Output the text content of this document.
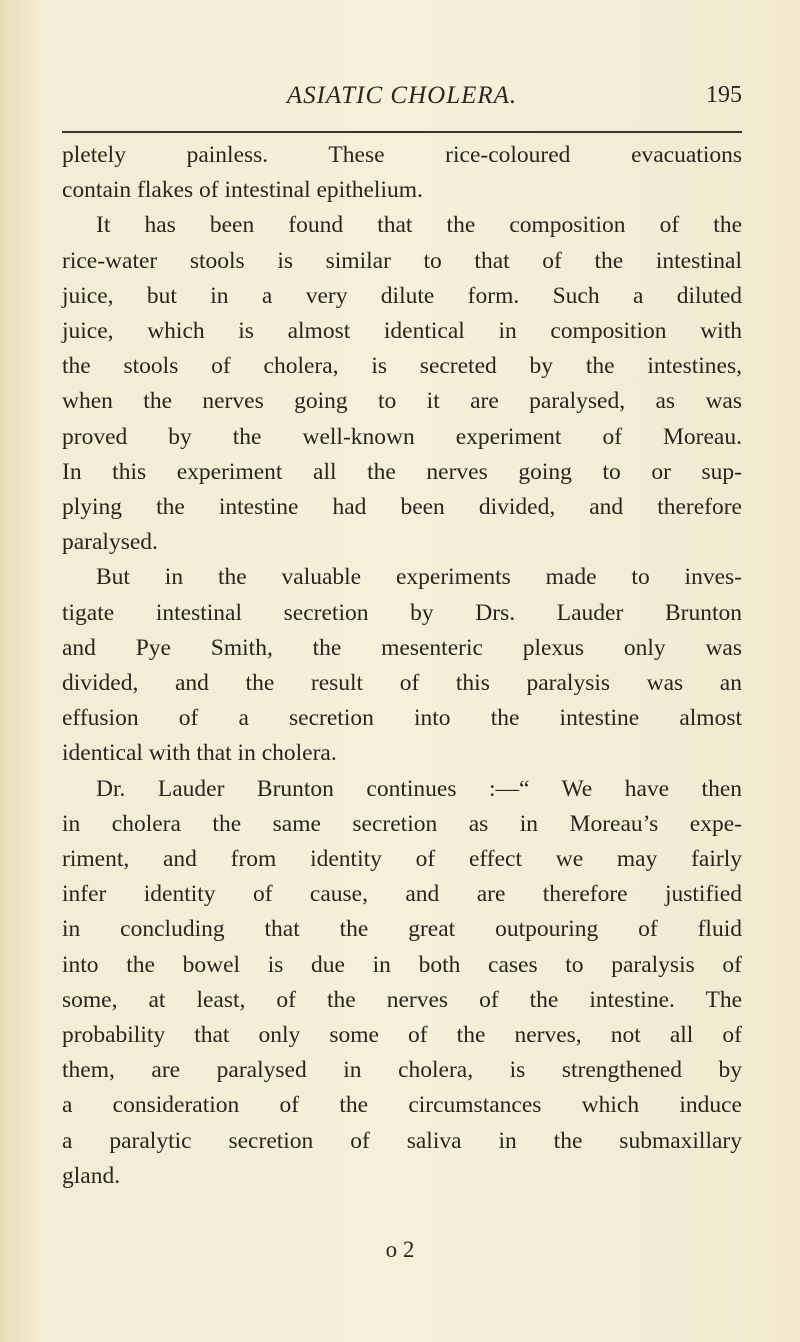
ASIATIC CHOLERA.	195
pletely painless. These rice-coloured evacuations
contain flakes of intestinal epithelium.
It has been found that the composition of the
rice-water stools is similar to that of the intestinal
juice, but in a very dilute form. Such a diluted
juice, which is almost identical in composition with
the stools of cholera, is secreted by the intestines,
when the nerves going to it are paralysed, as was
proved by the well-known experiment of Moreau.
In this experiment all the nerves going to or sup-
plying the intestine had been divided, and therefore
paralysed.
But in the valuable experiments made to inves-
tigate intestinal secretion by Drs. Lauder Brunton
and Pye Smith, the mesenteric plexus only was
divided, and the result of this paralysis was an
effusion of a secretion into the intestine almost
identical with that in cholera.
Dr. Lauder Brunton continues :—“ We have then
in cholera the same secretion as in Moreau’s expe-
riment, and from identity of effect we may fairly
infer identity of cause, and are therefore justified
in concluding that the great outpouring of fluid
into the bowel is due in both cases to paralysis of
some, at least, of the nerves of the intestine. The
probability that only some of the nerves, not all of
them, are paralysed in cholera, is strengthened by
a consideration of the circumstances which induce
a paralytic secretion of saliva in the submaxillary
gland.
o 2
